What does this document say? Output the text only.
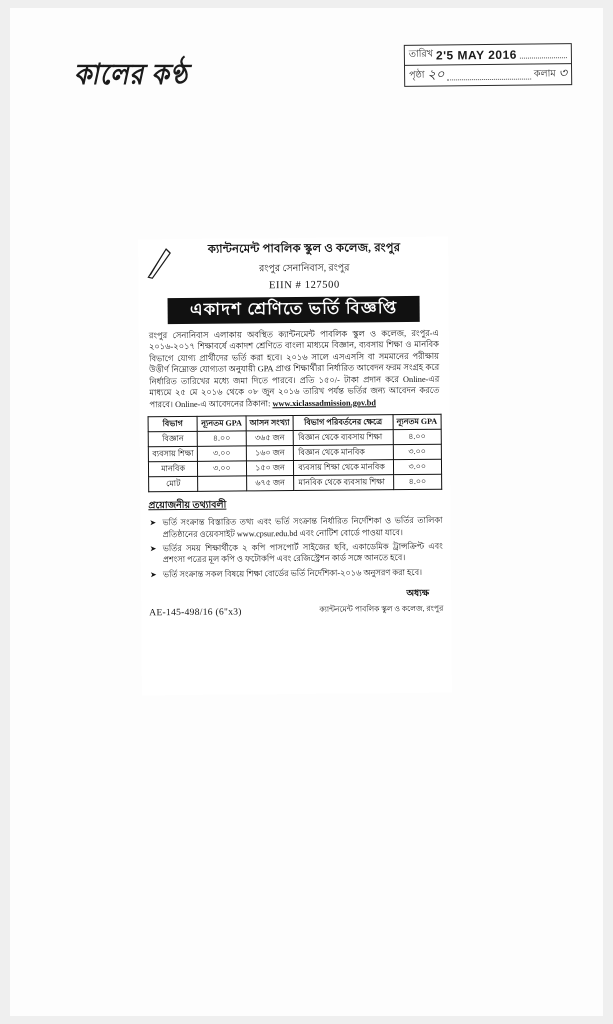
কালের কণ্ঠ
তারিখ 2'5 MAY 2016
পৃষ্ঠা ২০	কলাম ৩
ক্যান্টনমেন্ট পাবলিক স্কুল ও কলেজ, রংপুর
রংপুর সেনানিবাস, রংপুর
EIIN # 127500
একাদশ শ্রেণিতে ভর্তি বিজ্ঞপ্তি
রংপুর সেনানিবাস এলাকায় অবস্থিত ক্যান্টনমেন্ট পাবলিক স্কুল ও কলেজ, রংপুর-এ ২০১৬-২০১৭ শিক্ষাবর্ষে একাদশ শ্রেণিতে বাংলা মাধ্যমে বিজ্ঞান, ব্যবসায় শিক্ষা ও মানবিক বিভাগে যোগ্য প্রার্থীদের ভর্তি করা হবে। ২০১৬ সালে এসএসসি বা সমমানের পরীক্ষায় উত্তীর্ণ নিম্নোক্ত যোগ্যতা অনুযায়ী GPA প্রাপ্ত শিক্ষার্থীরা নির্ধারিত আবেদন ফরম সংগ্রহ করে নির্ধারিত তারিখের মধ্যে জমা দিতে পারবে। প্রতি ১৫০/- টাকা প্রদান করে Online-এর মাধ্যমে ২৫ মে ২০১৬ থেকে ০৮ জুন ২০১৬ তারিখ পর্যন্ত ভর্তির জন্য আবেদন করতে পারবে। Online-এ আবেদনের ঠিকানা: www.xiclassadmission.gov.bd
বিভাগ	ন্যূনতম GPA	আসন সংখ্যা	বিভাগ পরিবর্তনের ক্ষেত্রে	ন্যূনতম GPA
বিজ্ঞান	৪.০০	৩৬৫ জন	বিজ্ঞান থেকে ব্যবসায় শিক্ষা	৪.০০
ব্যবসায় শিক্ষা	৩.০০	১৬০ জন	বিজ্ঞান থেকে মানবিক	৩.০০
মানবিক	৩.০০	১৫০ জন	ব্যবসায় শিক্ষা থেকে মানবিক	৩.০০
মোট		৬৭৫ জন	মানবিক থেকে ব্যবসায় শিক্ষা	৪.০০
প্রয়োজনীয় তথ্যাবলী
➤ ভর্তি সংক্রান্ত বিস্তারিত তথ্য এবং ভর্তি সংক্রান্ত নির্ধারিত নির্দেশিকা ও ভর্তির তালিকা প্রতিষ্ঠানের ওয়েবসাইট www.cpsur.edu.bd এবং নোটিশ বোর্ডে পাওয়া যাবে।
➤ ভর্তির সময় শিক্ষার্থীকে ২ কপি পাসপোর্ট সাইজের ছবি, একাডেমিক ট্রান্সক্রিপ্ট এবং প্রশংসা পত্রের মূল কপি ও ফটোকপি এবং রেজিস্ট্রেশন কার্ড সঙ্গে আনতে হবে।
➤ ভর্তি সংক্রান্ত সকল বিষয়ে শিক্ষা বোর্ডের ভর্তি নির্দেশিকা-২০১৬ অনুসরণ করা হবে।
অধ্যক্ষ
AE-145-498/16 (6"x3)	ক্যান্টনমেন্ট পাবলিক স্কুল ও কলেজ, রংপুর
